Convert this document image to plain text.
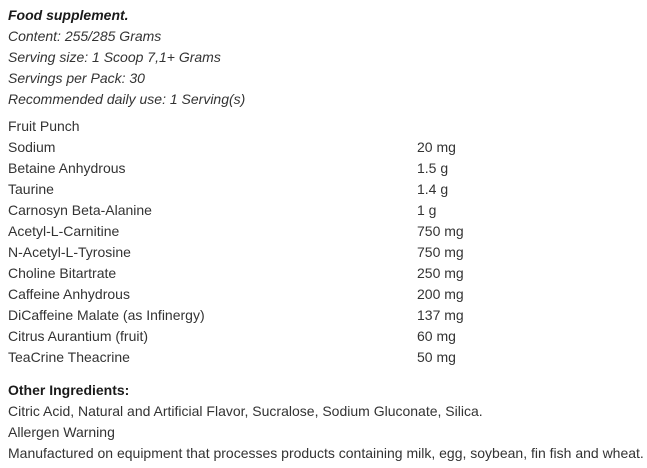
Food supplement.
Content: 255/285 Grams
Serving size: 1 Scoop 7,1+ Grams
Servings per Pack: 30
Recommended daily use: 1 Serving(s)
Fruit Punch
Sodium	20 mg
Betaine Anhydrous	1.5 g
Taurine	1.4 g
Carnosyn Beta-Alanine	1 g
Acetyl-L-Carnitine	750 mg
N-Acetyl-L-Tyrosine	750 mg
Choline Bitartrate	250 mg
Caffeine Anhydrous	200 mg
DiCaffeine Malate (as Infinergy)	137 mg
Citrus Aurantium (fruit)	60 mg
TeaCrine Theacrine	50 mg
Other Ingredients:
Citric Acid, Natural and Artificial Flavor, Sucralose, Sodium Gluconate, Silica.
Allergen Warning
Manufactured on equipment that processes products containing milk, egg, soybean, fin fish and wheat.
